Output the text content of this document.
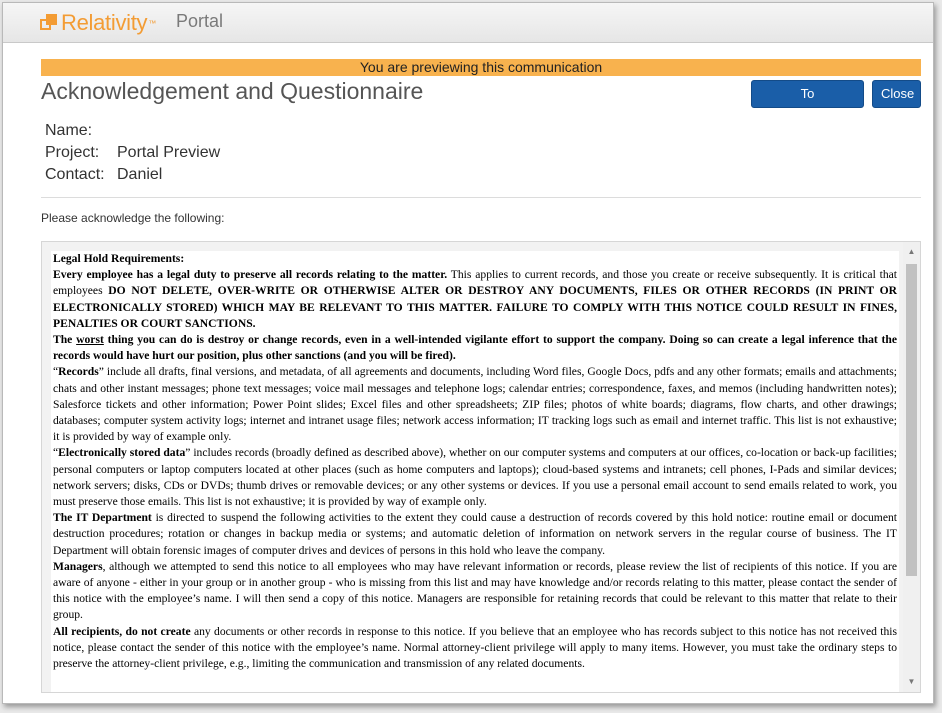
Relativity ™ Portal
You are previewing this communication
Acknowledgement and Questionnaire	To Questionnaire
Close
Name:
Project:	Portal Preview
Contact: Daniel
Please acknowledge the following:

Legal Hold Requirements:

Every employee has a legal duty to preserve all records relating to the matter. This applies to current records, and those you create or receive subsequently. It is critical that employees DO NOT DELETE, OVER-WRITE OR OTHERWISE ALTER OR DESTROY ANY DOCUMENTS, FILES OR OTHER RECORDS (IN PRINT OR ELECTRONICALLY STORED) WHICH MAY BE RELEVANT TO THIS MATTER. FAILURE TO COMPLY WITH THIS NOTICE COULD RESULT IN FINES, PENALTIES OR COURT SANCTIONS.

The worst thing you can do is destroy or change records, even in a well-intended vigilante effort to support the company. Doing so can create a legal inference that the records would have hurt our position, plus other sanctions (and you will be fired).

“Records” include all drafts, final versions, and metadata, of all agreements and documents, including Word files, Google Docs, pdfs and any other formats; emails and attachments; chats and other instant messages; phone text messages; voice mail messages and telephone logs; calendar entries; correspondence, faxes, and memos (including handwritten notes); Salesforce tickets and other information; Power Point slides; Excel files and other spreadsheets; ZIP files; photos of white boards; diagrams, flow charts, and other drawings; databases; computer system activity logs; internet and intranet usage files; network access information; IT tracking logs such as email and internet traffic. This list is not exhaustive; it is provided by way of example only.

“Electronically stored data” includes records (broadly defined as described above), whether on our computer systems and computers at our offices, co-location or back-up facilities; personal computers or laptop computers located at other places (such as home computers and laptops); cloud-based systems and intranets; cell phones, I-Pads and similar devices; network servers; disks, CDs or DVDs; thumb drives or removable devices; or any other systems or devices. If you use a personal email account to send emails related to work, you must preserve those emails. This list is not exhaustive; it is provided by way of example only.

The IT Department is directed to suspend the following activities to the extent they could cause a destruction of records covered by this hold notice: routine email or document destruction procedures; rotation or changes in backup media or systems; and automatic deletion of information on network servers in the regular course of business. The IT Department will obtain forensic images of computer drives and devices of persons in this hold who leave the company.

Managers, although we attempted to send this notice to all employees who may have relevant information or records, please review the list of recipients of this notice. If you are aware of anyone - either in your group or in another group - who is missing from this list and may have knowledge and/or records relating to this matter, please contact the sender of this notice with the employee’s name. I will then send a copy of this notice. Managers are responsible for retaining records that could be relevant to this matter that relate to their group.

All recipients, do not create any documents or other records in response to this notice. If you believe that an employee who has records subject to this notice has not received this notice, please contact the sender of this notice with the employee’s name. Normal attorney-client privilege will apply to many items. However, you must take the ordinary steps to preserve the attorney-client privilege, e.g., limiting the communication and transmission of any related documents.

▲
▼
